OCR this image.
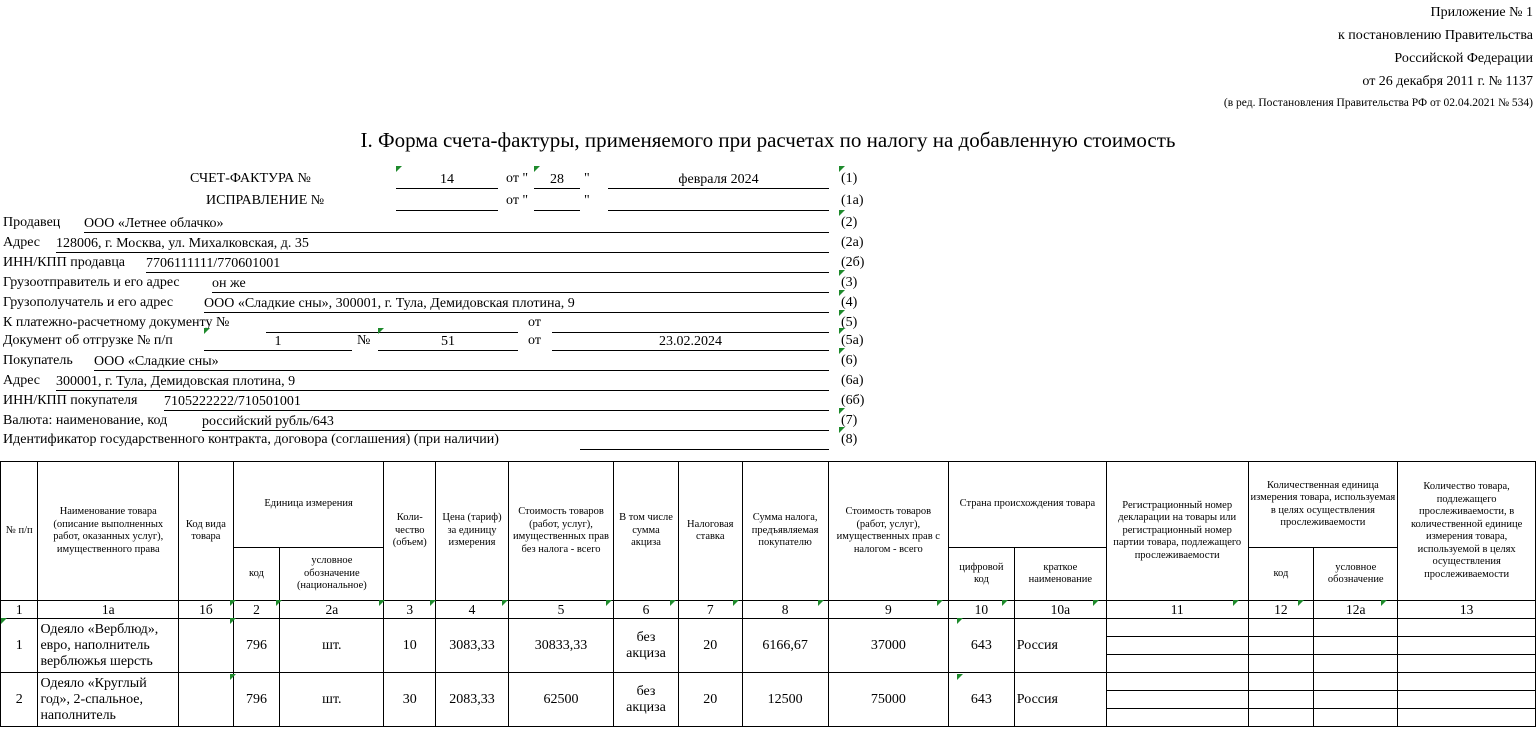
Приложение № 1
к постановлению Правительства
Российской Федерации
от 26 декабря 2011 г. № 1137
(в ред. Постановления Правительства РФ от 02.04.2021 № 534)
I. Форма счета-фактуры, применяемого при расчетах по налогу на добавленную стоимость
СЧЕТ-ФАКТУРА №	14	от "	28	"	февраля 2024	(1)
ИСПРАВЛЕНИЕ №	от "	"	(1а)
Продавец ООО «Летнее облачко»	(2)
Адрес 128006, г. Москва, ул. Михалковская, д. 35	(2а)
ИНН/КПП продавца 7706111111/770601001	(2б)
Грузоотправитель и его адрес он же	(3)
Грузополучатель и его адрес ООО «Сладкие сны», 300001, г. Тула, Демидовская плотина, 9	(4)
К платежно-расчетному документу №	от	(5)
Документ об отгрузке № п/п	1	№	51	от	23.02.2024	(5а)
Покупатель ООО «Сладкие сны»	(6)
Адрес 300001, г. Тула, Демидовская плотина, 9	(6а)
ИНН/КПП покупателя 7105222222/710501001	(6б)
Валюта: наименование, код российский рубль/643	(7)
Идентификатор государственного контракта, договора (соглашения) (при наличии)	(8)
№ п/п	Наименование товара (описание выполненных работ, оказанных услуг), имущественного права	Код вида товара	Единица измерения		Коли-чество (объем)	Цена (тариф) за единицу измерения	Стоимость товаров (работ, услуг), имущественных прав без налога - всего	В том числе сумма акциза	Налоговая ставка	Сумма налога, предъявляемая покупателю	Стоимость товаров (работ, услуг), имущественных прав с налогом - всего	Страна происхождения товара		Регистрационный номер декларации на товары или регистрационный номер партии товара, подлежащего прослеживаемости	Количественная единица измерения товара, используемая в целях осуществления прослеживаемости		Количество товара, подлежащего прослеживаемости, в количественной единице измерения товара, используемой в целях осуществления прослеживаемости
			код	условное обозначение (национальное)								цифровой код	краткое наименование		код	условное обозначение	
1	1а	1б	2	2а	3	4	5	6	7	8	9	10	10а	11	12	12а	13
1	Одеяло «Верблюд», евро, наполнитель верблюжья шерсть		796	шт.	10	3083,33	30833,33	без акциза	20	6166,67	37000	643	Россия				

2	Одеяло «Круглый год», 2-спальное, наполнитель		796	шт.	30	2083,33	62500	без акциза	20	12500	75000	643	Россия				
